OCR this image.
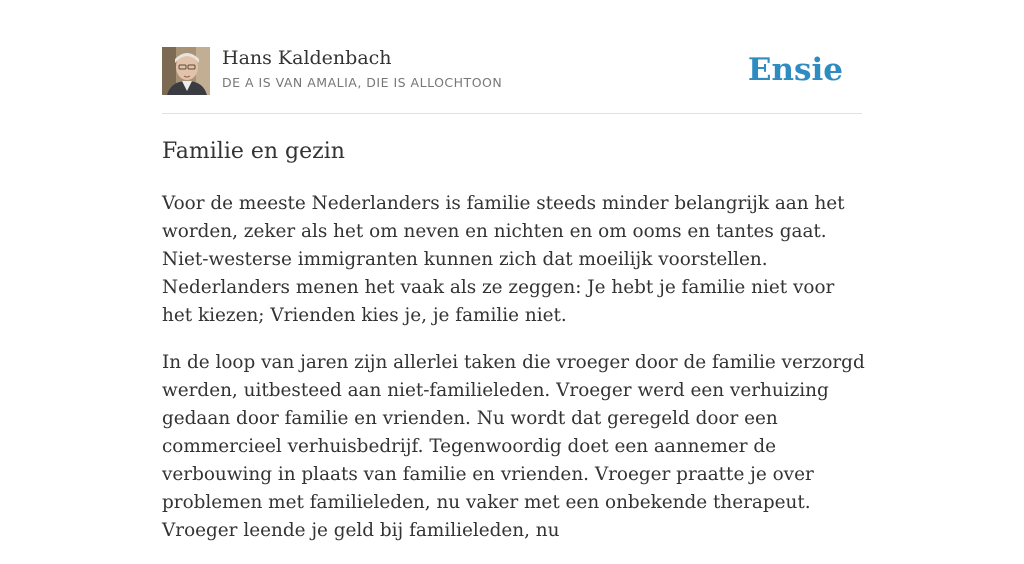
Hans Kaldenbach
DE A IS VAN AMALIA, DIE IS ALLOCHTOON	Ensie
Familie en gezin

Voor de meeste Nederlanders is familie steeds minder belangrijk aan het worden, zeker als het om neven en nichten en om ooms en tantes gaat. Niet-westerse immigranten kunnen zich dat moeilijk voorstellen. Nederlanders menen het vaak als ze zeggen: Je hebt je familie niet voor het kiezen; Vrienden kies je, je familie niet.

In de loop van jaren zijn allerlei taken die vroeger door de familie verzorgd werden, uitbesteed aan niet-familieleden. Vroeger werd een verhuizing gedaan door familie en vrienden. Nu wordt dat geregeld door een commercieel verhuisbedrijf. Tegenwoordig doet een aannemer de verbouwing in plaats van familie en vrienden. Vroeger praatte je over problemen met familieleden, nu vaker met een onbekende therapeut. Vroeger leende je geld bij familieleden, nu
